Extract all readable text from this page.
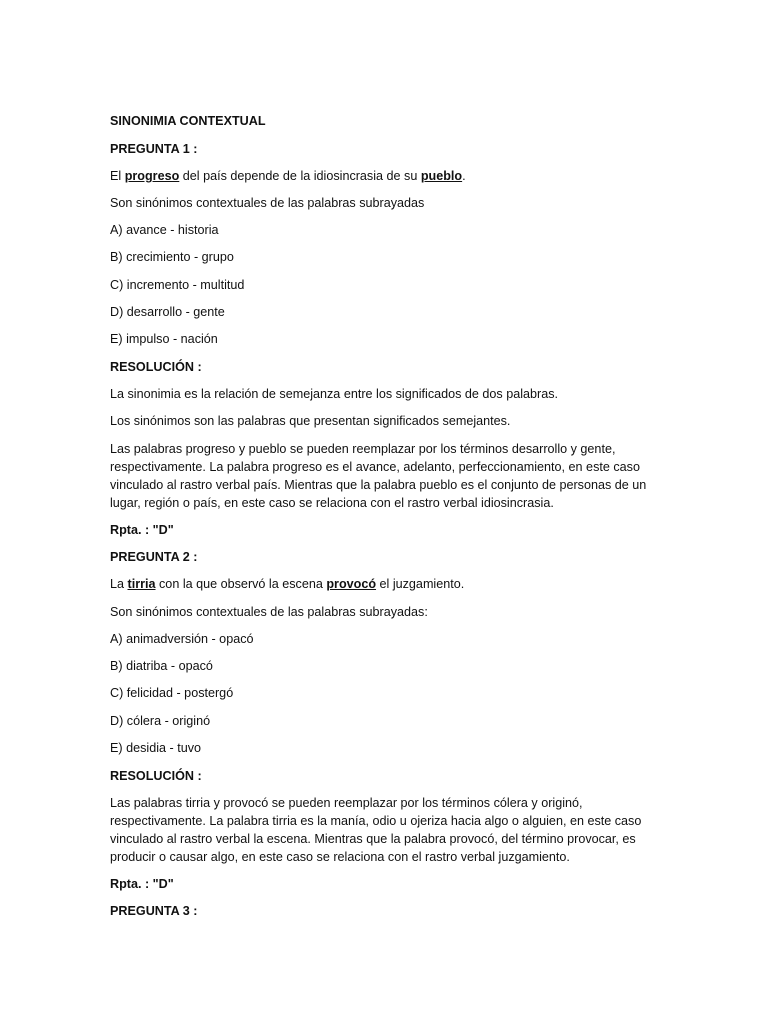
SINONIMIA CONTEXTUAL
PREGUNTA 1 :
El progreso del país depende de la idiosincrasia de su pueblo.
Son sinónimos contextuales de las palabras subrayadas
A) avance - historia
B) crecimiento - grupo
C) incremento - multitud
D) desarrollo - gente
E) impulso - nación
RESOLUCIÓN :
La sinonimia es la relación de semejanza entre los significados de dos palabras.
Los sinónimos son las palabras que presentan significados semejantes.
Las palabras progreso y pueblo se pueden reemplazar por los términos desarrollo y gente, respectivamente. La palabra progreso es el avance, adelanto, perfeccionamiento, en este caso vinculado al rastro verbal país. Mientras que la palabra pueblo es el conjunto de personas de un lugar, región o país, en este caso se relaciona con el rastro verbal idiosincrasia.
Rpta. : "D"
PREGUNTA 2 :
La tirria con la que observó la escena provocó el juzgamiento.
Son sinónimos contextuales de las palabras subrayadas:
A) animadversión - opacó
B) diatriba - opacó
C) felicidad - postergó
D) cólera - originó
E) desidia - tuvo
RESOLUCIÓN :
Las palabras tirria y provocó se pueden reemplazar por los términos cólera y originó, respectivamente. La palabra tirria es la manía, odio u ojeriza hacia algo o alguien, en este caso vinculado al rastro verbal la escena. Mientras que la palabra provocó, del término provocar, es producir o causar algo, en este caso se relaciona con el rastro verbal juzgamiento.
Rpta. : "D"
PREGUNTA 3 :
